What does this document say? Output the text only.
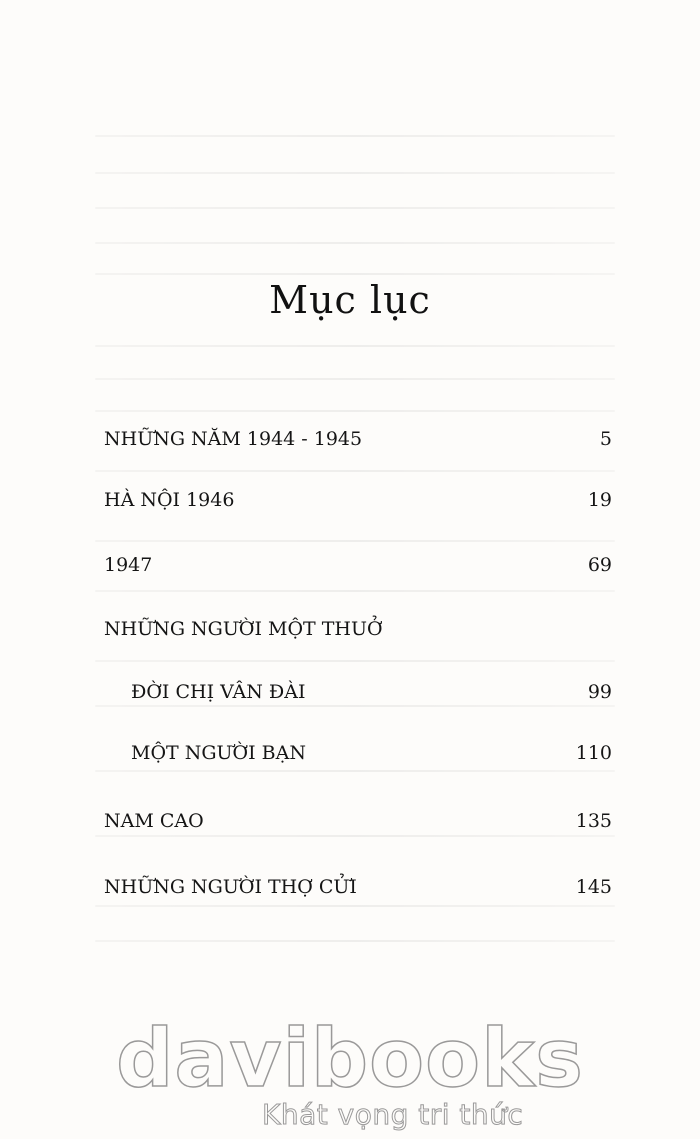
Mục lục
NHỮNG NĂM 1944 - 1945	5
HÀ NỘI 1946	19
1947	69
NHỮNG NGƯỜI MỘT THUỞ
ĐỜI CHỊ VÂN ĐÀI	99
MỘT NGƯỜI BẠN	110
NAM CAO	135
NHỮNG NGƯỜI THỢ CỬI	145
davibooks
Khát vọng tri thức
